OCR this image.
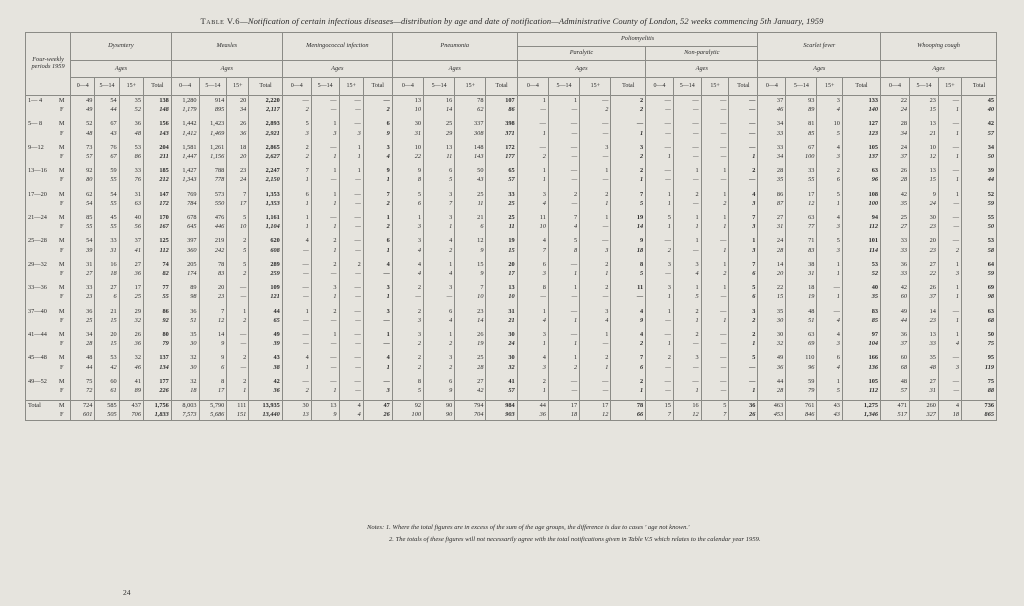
Table V.6—Notification of certain infectious diseases—distribution by age and date of notification—Administrative County of London, 52 weeks commencing 5th January, 1959
Four-weekly periods 1959		Dysentery				Measles				Meningococcal infection				Pneumonia				Poliomyelitis								Scarlet fever				Whooping cough			
																		Paralytic				Non-paralytic											
		Ages				Ages				Ages				Ages				Ages				Ages				Ages				Ages			
		0—4	5—14	15+	Total	0—4	5—14	15+	Total	0—4	5—14	15+	Total	0—4	5—14	15+	Total	0—4	5—14	15+	Total	0—4	5—14	15+	Total	0—4	5—14	15+	Total	0—4	5—14	15+	Total
1— 4	M	49	54	35	138	1,280	914	20	2,220	—	—	—	—	13	16	78	107	1	1	—	2	—	—	—	—	37	93	3	133	22	23	—	45
	F	49	44	52	148	1,179	895	34	2,117	2	—	—	2	10	14	62	86	—	—	2	2	—	—	—	—	46	89	4	140	24	15	1	40

5— 8	M	52	67	36	156	1,442	1,423	26	2,893	5	1	—	6	30	25	337	398	—	—	—	—	—	—	—	—	34	81	10	127	28	13	—	42
	F	48	43	48	143	1,412	1,469	36	2,921	3	3	3	9	31	29	308	371	1	—	—	1	—	—	—	—	33	85	5	123	34	21	1	57

9—12	M	73	76	53	204	1,581	1,261	18	2,865	2	—	1	3	10	13	148	172	—	—	3	3	—	—	—	—	33	67	4	105	24	10	—	34
	F	57	67	86	211	1,447	1,156	20	2,627	2	1	1	4	22	11	143	177	2	—	—	2	1	—	—	1	34	100	3	137	37	12	1	50

13—16	M	92	59	33	185	1,427	788	23	2,247	7	1	1	9	9	6	50	65	1	—	1	2	—	1	1	2	28	33	2	63	26	13	—	39
	F	80	55	76	212	1,343	778	24	2,150	1	—	—	1	8	5	43	57	1	—	—	1	—	—	—	—	35	55	6	96	28	15	1	44

17—20	M	62	54	31	147	769	573	7	1,353	6	1	—	7	5	3	25	33	3	2	2	7	1	2	1	4	86	17	5	108	42	9	1	52
	F	54	55	63	172	784	550	17	1,353	1	1	—	2	6	7	11	25	4	—	1	5	1	—	2	3	87	12	1	100	35	24	—	59

21—24	M	85	45	40	170	678	476	5	1,161	1	—	—	1	1	3	21	25	11	7	1	19	5	1	1	7	27	63	4	94	25	30	—	55
	F	55	55	56	167	645	446	10	1,104	1	1	—	2	3	1	6	11	10	4	—	14	1	1	1	3	31	77	3	112	27	23	—	50

25—28	M	54	33	37	125	397	219	2	620	4	2	—	6	3	4	12	19	4	5	—	9	—	1	—	1	24	71	5	101	33	20	—	53
	F	39	31	41	112	360	242	5	608	—	1	—	1	4	2	9	15	7	8	3	18	2	—	1	3	28	83	3	114	33	23	2	58

29—32	M	31	16	27	74	205	78	5	289	—	2	2	4	4	1	15	20	6	—	2	8	3	3	1	7	14	38	1	53	36	27	1	64
	F	27	18	36	82	174	83	2	259	—	—	—	—	4	4	9	17	3	1	1	5	—	4	2	6	20	31	1	52	33	22	3	59

33—36	M	33	27	17	77	89	20	—	109	—	3	—	3	2	3	7	13	8	1	2	11	3	1	1	5	22	18	—	40	42	26	1	69
	F	23	6	25	55	98	23	—	121	—	1	—	1	—	—	10	10	—	—	—	—	1	5	—	6	15	19	1	35	60	37	1	98

37—40	M	36	21	29	86	36	7	1	44	1	2	—	3	2	6	23	31	1	—	3	4	1	2	—	3	35	48	—	83	49	14	—	63
	F	25	15	32	92	51	12	2	65	—	—	—	—	3	4	14	21	4	1	4	9	—	1	1	2	30	51	4	85	44	23	1	68

41—44	M	34	20	26	80	35	14	—	49	—	1	—	1	3	1	26	30	3	—	1	4	—	2	—	2	30	63	4	97	36	13	1	50
	F	28	15	36	79	30	9	—	39	—	—	—	—	2	2	19	24	1	1	—	2	1	—	—	1	32	69	3	104	37	33	4	75

45—48	M	48	53	32	137	32	9	2	43	4	—	—	4	2	3	25	30	4	1	2	7	2	3	—	5	49	110	6	166	60	35	—	95
	F	44	42	46	134	30	6	—	38	1	—	—	1	2	2	28	32	3	2	1	6	—	—	—	—	36	96	4	136	68	48	3	119

49—52	M	75	60	41	177	32	8	2	42	—	—	—	—	8	6	27	41	2	—	—	2	—	—	—	—	44	59	1	105	48	27	—	75
	F	72	61	89	226	18	17	1	36	2	1	—	3	5	9	42	57	1	—	—	1	—	1	—	1	28	79	5	112	57	31	—	88

Total	M	724	585	437	1,756	8,003	5,790	111	13,935	30	13	4	47	92	90	794	984	44	17	17	78	15	16	5	36	463	761	43	1,275	471	260	4	736
	F	601	505	706	1,833	7,573	5,686	151	13,440	13	9	4	26	100	90	704	903	36	18	12	66	7	12	7	26	453	846	43	1,346	517	327	18	865
Notes: 1. Where the total figures are in excess of the sum of the age groups, the difference is due to cases ' age not known.'
2. The totals of these figures will not necessarily agree with the total notifications given in Table V.5 which relates to the calendar year 1959.
24
